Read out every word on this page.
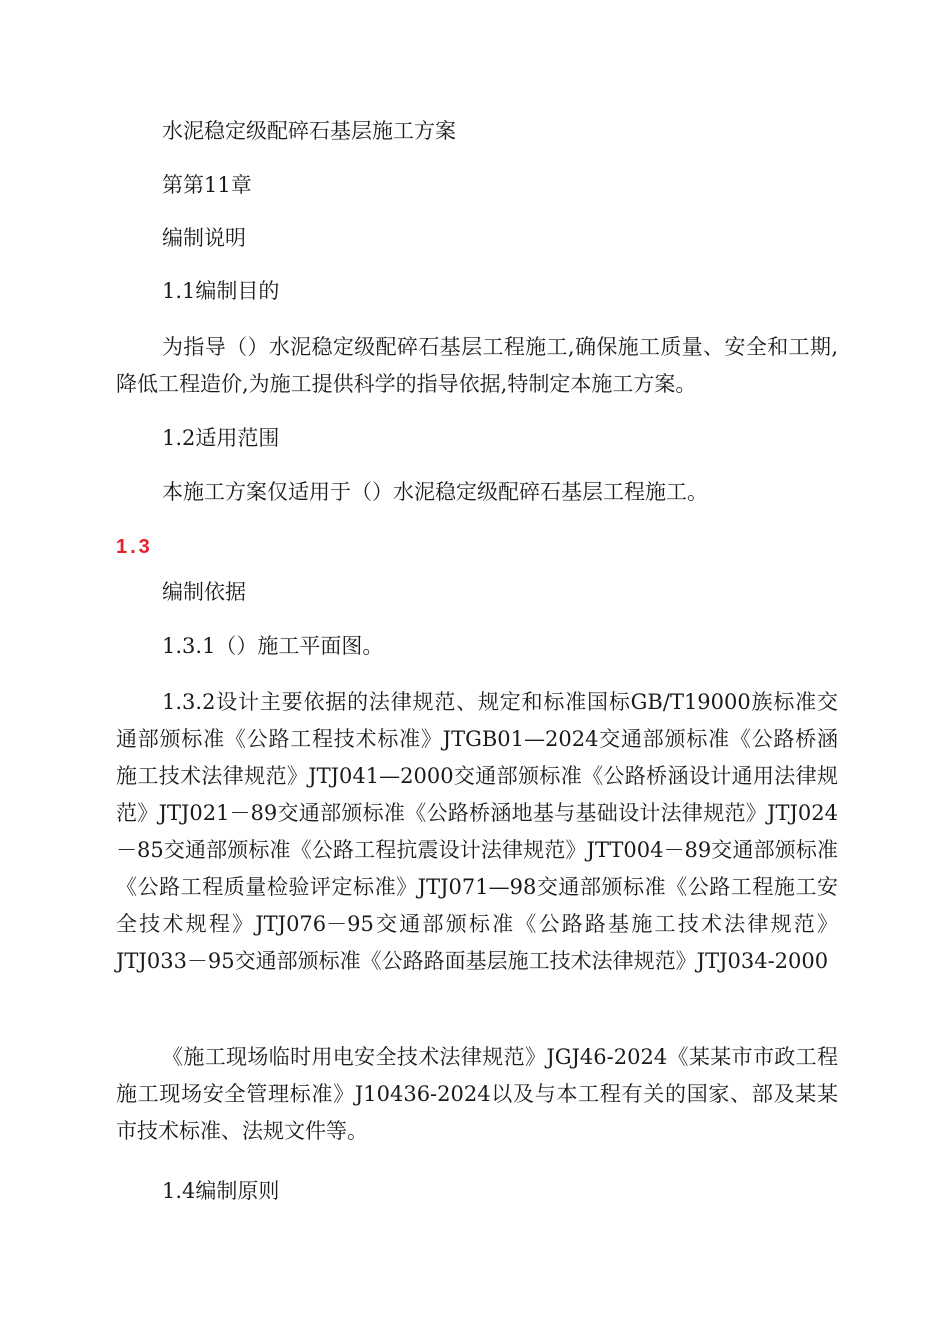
水泥稳定级配碎石基层施工方案
第第11章
编制说明
1.1编制目的
为指导（）水泥稳定级配碎石基层工程施工,确保施工质量、安全和工期,降低工程造价,为施工提供科学的指导依据,特制定本施工方案。
1.2适用范围
本施工方案仅适用于（）水泥稳定级配碎石基层工程施工。
1.3
编制依据
1.3.1（）施工平面图。
1.3.2设计主要依据的法律规范、规定和标准国标GB/T19000族标准交通部颁标准《公路工程技术标准》JTGB01—2024交通部颁标准《公路桥涵施工技术法律规范》JTJ041—2000交通部颁标准《公路桥涵设计通用法律规范》JTJ021－89交通部颁标准《公路桥涵地基与基础设计法律规范》JTJ024－85交通部颁标准《公路工程抗震设计法律规范》JTT004－89交通部颁标准《公路工程质量检验评定标准》JTJ071—98交通部颁标准《公路工程施工安全技术规程》JTJ076－95交通部颁标准《公路路基施工技术法律规范》JTJ033－95交通部颁标准《公路路面基层施工技术法律规范》JTJ034-2000
《施工现场临时用电安全技术法律规范》JGJ46-2024《某某市市政工程施工现场安全管理标准》J10436-2024以及与本工程有关的国家、部及某某市技术标准、法规文件等。
1.4编制原则
